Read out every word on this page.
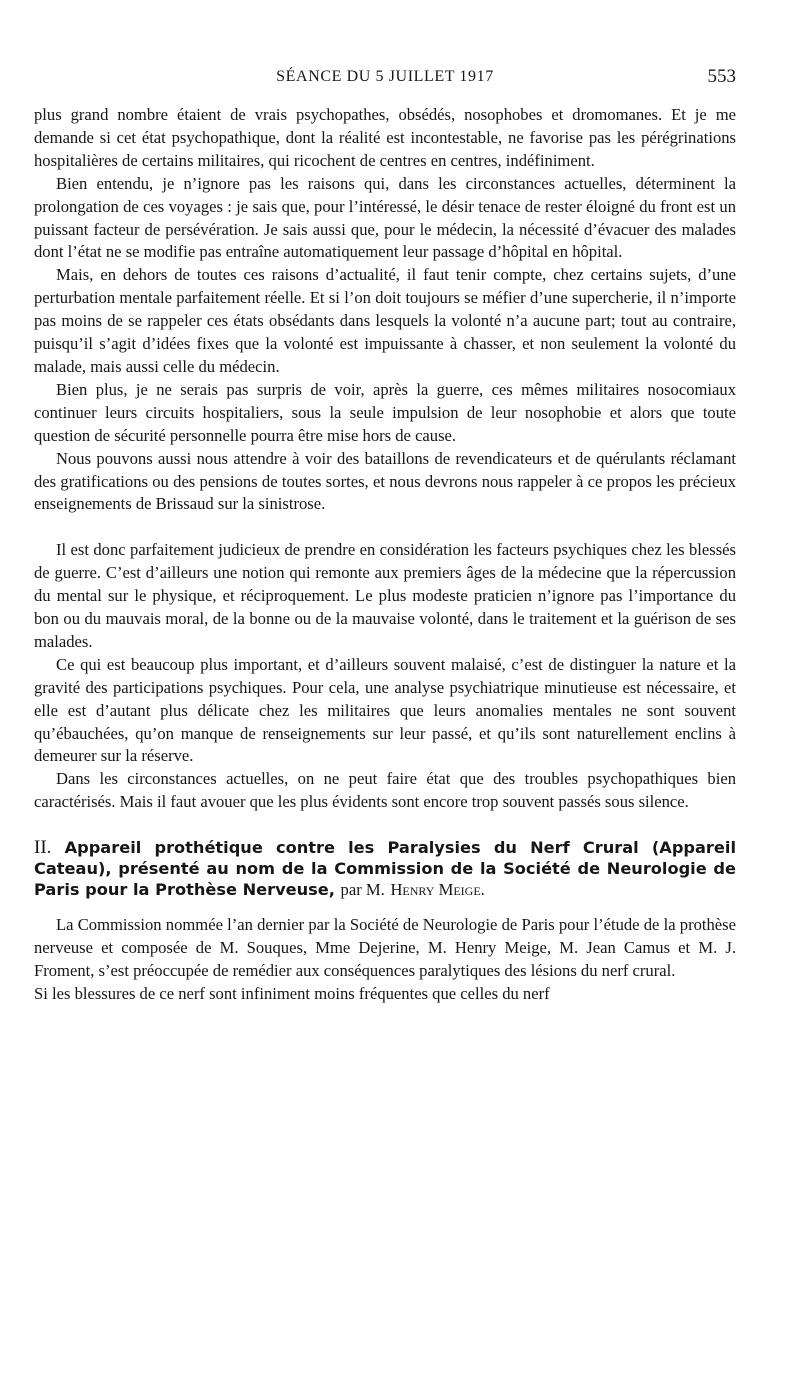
SÉANCE DU 5 JUILLET 1917	553

plus grand nombre étaient de vrais psychopathes, obsédés, nosophobes et dromomanes. Et je me demande si cet état psychopathique, dont la réalité est incontestable, ne favorise pas les pérégrinations hospitalières de certains militaires, qui ricochent de centres en centres, indéfiniment.

Bien entendu, je n’ignore pas les raisons qui, dans les circonstances actuelles, déterminent la prolongation de ces voyages : je sais que, pour l’intéressé, le désir tenace de rester éloigné du front est un puissant facteur de persévération. Je sais aussi que, pour le médecin, la nécessité d’évacuer des malades dont l’état ne se modifie pas entraîne automatiquement leur passage d’hôpital en hôpital.

Mais, en dehors de toutes ces raisons d’actualité, il faut tenir compte, chez certains sujets, d’une perturbation mentale parfaitement réelle. Et si l’on doit toujours se méfier d’une supercherie, il n’importe pas moins de se rappeler ces états obsédants dans lesquels la volonté n’a aucune part; tout au contraire, puisqu’il s’agit d’idées fixes que la volonté est impuissante à chasser, et non seulement la volonté du malade, mais aussi celle du médecin.

Bien plus, je ne serais pas surpris de voir, après la guerre, ces mêmes militaires nosocomiaux continuer leurs circuits hospitaliers, sous la seule impulsion de leur nosophobie et alors que toute question de sécurité personnelle pourra être mise hors de cause.

Nous pouvons aussi nous attendre à voir des bataillons de revendicateurs et de quérulants réclamant des gratifications ou des pensions de toutes sortes, et nous devrons nous rappeler à ce propos les précieux enseignements de Brissaud sur la sinistrose.

Il est donc parfaitement judicieux de prendre en considération les facteurs psychiques chez les blessés de guerre. C’est d’ailleurs une notion qui remonte aux premiers âges de la médecine que la répercussion du mental sur le physique, et réciproquement. Le plus modeste praticien n’ignore pas l’importance du bon ou du mauvais moral, de la bonne ou de la mauvaise volonté, dans le traitement et la guérison de ses malades.

Ce qui est beaucoup plus important, et d’ailleurs souvent malaisé, c’est de distinguer la nature et la gravité des participations psychiques. Pour cela, une analyse psychiatrique minutieuse est nécessaire, et elle est d’autant plus délicate chez les militaires que leurs anomalies mentales ne sont souvent qu’ébauchées, qu’on manque de renseignements sur leur passé, et qu’ils sont naturellement enclins à demeurer sur la réserve.

Dans les circonstances actuelles, on ne peut faire état que des troubles psychopathiques bien caractérisés. Mais il faut avouer que les plus évidents sont encore trop souvent passés sous silence.

II. Appareil prothétique contre les Paralysies du Nerf Crural (Appareil Cateau), présenté au nom de la Commission de la Société de Neurologie de Paris pour la Prothèse Nerveuse, par M. Henry Meige.

La Commission nommée l’an dernier par la Société de Neurologie de Paris pour l’étude de la prothèse nerveuse et composée de M. Souques, Mme Dejerine, M. Henry Meige, M. Jean Camus et M. J. Froment, s’est préoccupée de remédier aux conséquences paralytiques des lésions du nerf crural.

Si les blessures de ce nerf sont infiniment moins fréquentes que celles du nerf
